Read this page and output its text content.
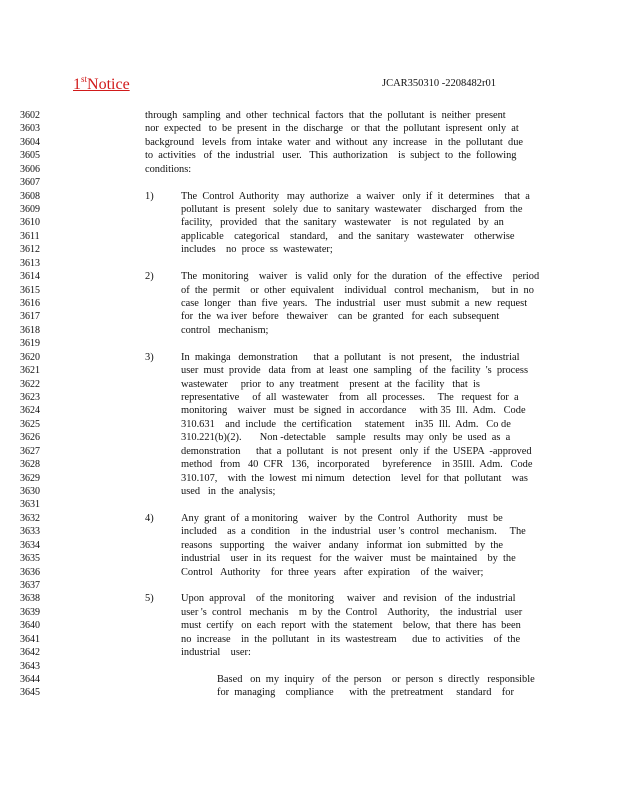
1stNotice	JCAR350310 -2208482r01
3602	through  sampling  and  other  technical  factors  that  the  pollutant  is  neither  present
3603	nor  expected   to  be  present  in  the  discharge   or  that  the  pollutant  ispresent  only  at
3604	background   levels  from  intake  water  and  without  any  increase   in  the  pollutant  due
3605	to  activities   of  the  industrial   user.   This  authorization    is  subject  to  the  following
3606	conditions:
3607
3608	1)	The  Control  Authority   may  authorize   a  waiver   only  if  it  determines    that  a
3609	pollutant  is  present   solely  due  to  sanitary  wastewater    discharged   from  the
3610	facility,   provided   that  the  sanitary   wastewater    is  not  regulated   by  an
3611	applicable    categorical    standard,    and  the  sanitary   wastewater    otherwise
3612	includes    no  proce  ss  wastewater;
3613
3614	2)	The  monitoring    waiver   is  valid  only  for  the  duration   of  the  effective    period
3615	of  the  permit    or  other  equivalent    individual   control  mechanism,     but  in  no
3616	case  longer   than  five  years.   The  industrial   user  must  submit  a  new  request
3617	for  the  wa iver  before   thewaiver    can  be  granted   for  each  subsequent
3618	control   mechanism;
3619
3620	3)	In  makinga   demonstration      that  a  pollutant   is  not  present,    the  industrial
3621	user  must  provide   data  from  at  least  one  sampling   of  the  facility  's  process
3622	wastewater     prior  to  any  treatment    present  at  the  facility   that  is
3623	representative     of  all  wastewater    from   all  processes.     The   request  for  a
3624	monitoring    waiver   must  be  signed  in  accordance     with 35  Ill.  Adm.   Code
3625	310.631    and  include   the  certification     statement    in35  Ill.  Adm.   Co de
3626	310.221(b)(2).       Non -detectable    sample   results  may  only  be  used  as  a
3627	demonstration      that  a  pollutant   is  not  present   only  if  the  USEPA  -approved
3628	method   from   40  CFR   136,   incorporated     byreference    in 35Ill.  Adm.   Code
3629	310.107,    with  the  lowest  mi nimum   detection    level  for  that  pollutant    was
3630	used   in  the  analysis;
3631
3632	4)	Any  grant  of  a monitoring    waiver   by  the  Control   Authority    must  be
3633	included    as  a  condition    in  the  industrial   user 's  control   mechanism.     The
3634	reasons   supporting    the  waiver   andany   informat  ion  submitted   by  the
3635	industrial    user  in  its  request   for  the  waiver   must  be  maintained    by  the
3636	Control   Authority    for  three  years   after  expiration    of  the  waiver;
3637
3638	5)	Upon  approval    of  the  monitoring     waiver   and  revision   of  the  industrial
3639	user 's  control   mechanis    m  by  the  Control    Authority,    the  industrial   user
3640	must  certify   on  each  report  with  the  statement    below,  that  there  has  been
3641	no  increase    in  the  pollutant   in  its  wastestream      due  to  activities    of  the
3642	industrial    user:
3643
3644	Based   on  my  inquiry   of  the  person    or  person  s  directly   responsible
3645	for  managing    compliance      with  the  pretreatment     standard    for
